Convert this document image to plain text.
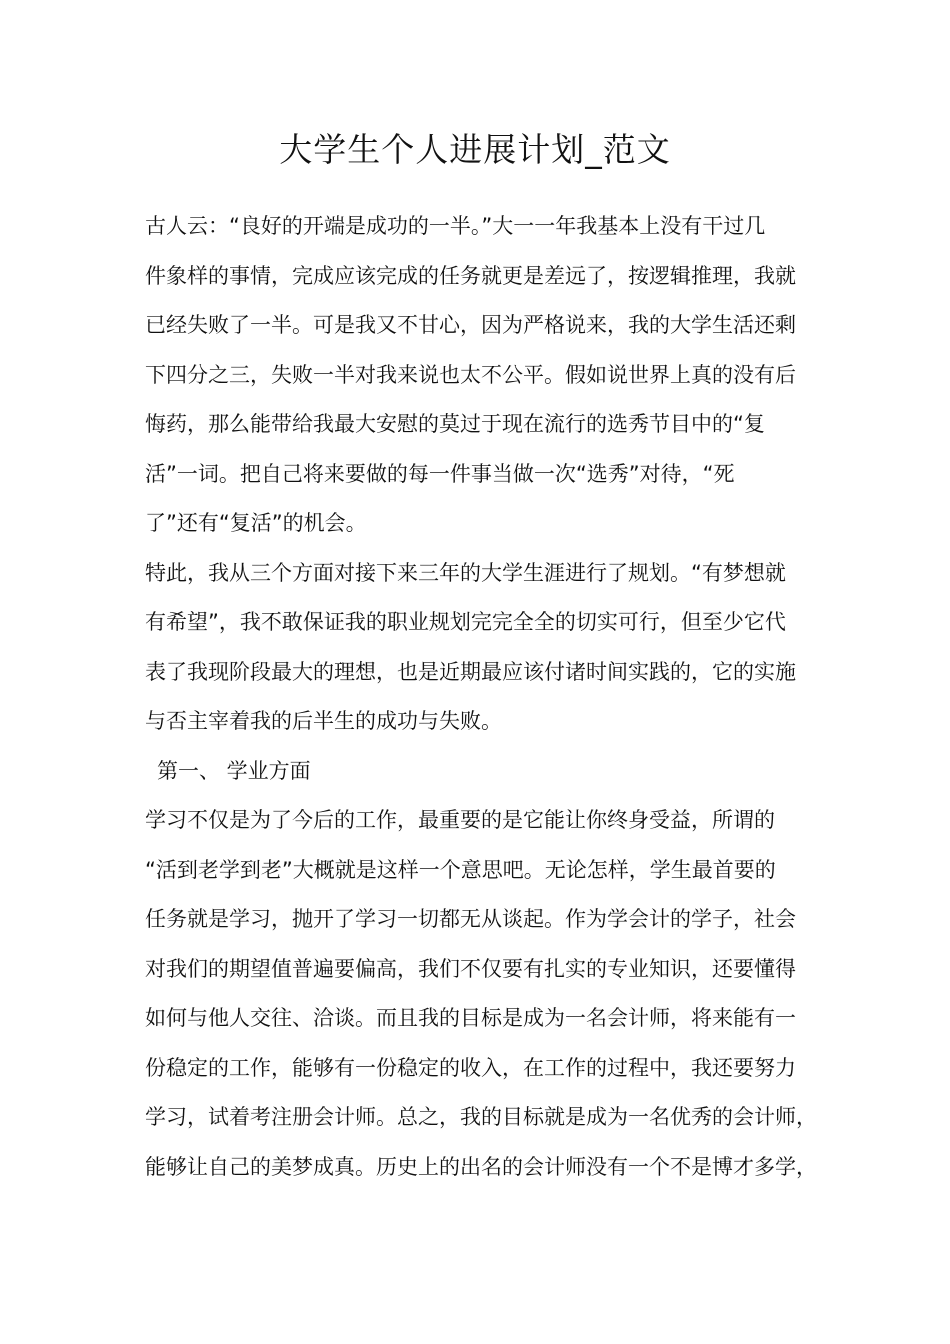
大学生个人进展计划_范文
古人云：“良好的开端是成功的一半。”大一一年我基本上没有干过几
件象样的事情，完成应该完成的任务就更是差远了，按逻辑推理，我就
已经失败了一半。可是我又不甘心，因为严格说来，我的大学生活还剩
下四分之三，失败一半对我来说也太不公平。假如说世界上真的没有后
悔药，那么能带给我最大安慰的莫过于现在流行的选秀节目中的“复
活”一词。把自己将来要做的每一件事当做一次“选秀”对待，“死
了”还有“复活”的机会。
特此，我从三个方面对接下来三年的大学生涯进行了规划。“有梦想就
有希望”，我不敢保证我的职业规划完完全全的切实可行，但至少它代
表了我现阶段最大的理想，也是近期最应该付诸时间实践的，它的实施
与否主宰着我的后半生的成功与失败。
第一、 学业方面
学习不仅是为了今后的工作，最重要的是它能让你终身受益，所谓的
“活到老学到老”大概就是这样一个意思吧。无论怎样，学生最首要的
任务就是学习，抛开了学习一切都无从谈起。作为学会计的学子，社会
对我们的期望值普遍要偏高，我们不仅要有扎实的专业知识，还要懂得
如何与他人交往、洽谈。而且我的目标是成为一名会计师，将来能有一
份稳定的工作，能够有一份稳定的收入，在工作的过程中，我还要努力
学习，试着考注册会计师。总之，我的目标就是成为一名优秀的会计师，
能够让自己的美梦成真。历史上的出名的会计师没有一个不是博才多学，
